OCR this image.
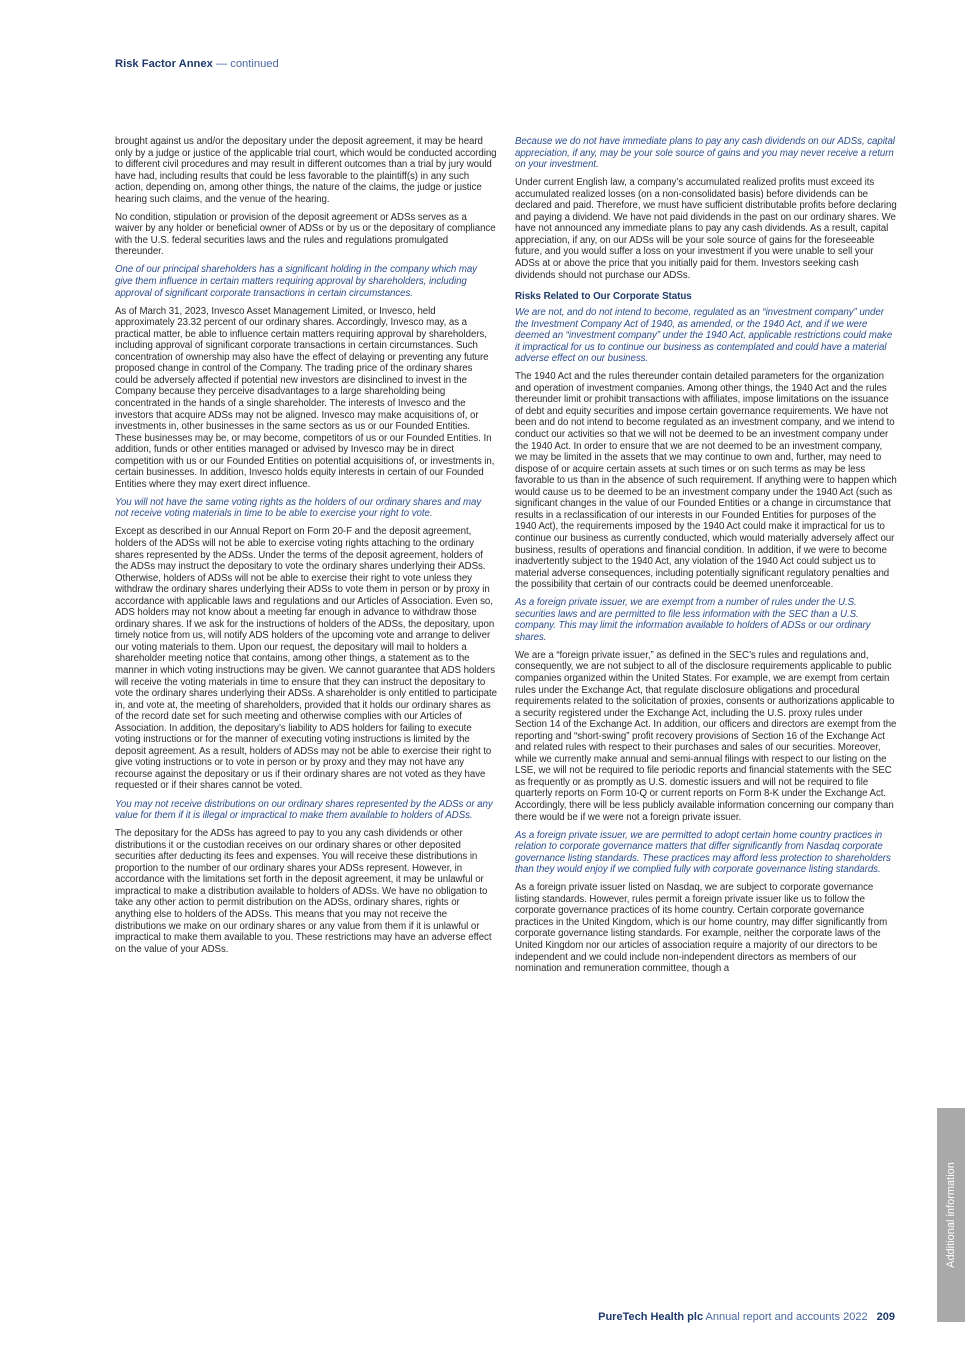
Risk Factor Annex — continued

brought against us and/or the depositary under the deposit agreement, it may be heard only by a judge or justice of the applicable trial court, which would be conducted according to different civil procedures and may result in different outcomes than a trial by jury would have had, including results that could be less favorable to the plaintiff(s) in any such action, depending on, among other things, the nature of the claims, the judge or justice hearing such claims, and the venue of the hearing.

No condition, stipulation or provision of the deposit agreement or ADSs serves as a waiver by any holder or beneficial owner of ADSs or by us or the depositary of compliance with the U.S. federal securities laws and the rules and regulations promulgated thereunder.

One of our principal shareholders has a significant holding in the company which may give them influence in certain matters requiring approval by shareholders, including approval of significant corporate transactions in certain circumstances.

As of March 31, 2023, Invesco Asset Management Limited, or Invesco, held approximately 23.32 percent of our ordinary shares. Accordingly, Invesco may, as a practical matter, be able to influence certain matters requiring approval by shareholders, including approval of significant corporate transactions in certain circumstances. Such concentration of ownership may also have the effect of delaying or preventing any future proposed change in control of the Company. The trading price of the ordinary shares could be adversely affected if potential new investors are disinclined to invest in the Company because they perceive disadvantages to a large shareholding being concentrated in the hands of a single shareholder. The interests of Invesco and the investors that acquire ADSs may not be aligned. Invesco may make acquisitions of, or investments in, other businesses in the same sectors as us or our Founded Entities. These businesses may be, or may become, competitors of us or our Founded Entities. In addition, funds or other entities managed or advised by Invesco may be in direct competition with us or our Founded Entities on potential acquisitions of, or investments in, certain businesses. In addition, Invesco holds equity interests in certain of our Founded Entities where they may exert direct influence.

You will not have the same voting rights as the holders of our ordinary shares and may not receive voting materials in time to be able to exercise your right to vote.

Except as described in our Annual Report on Form 20-F and the deposit agreement, holders of the ADSs will not be able to exercise voting rights attaching to the ordinary shares represented by the ADSs. Under the terms of the deposit agreement, holders of the ADSs may instruct the depositary to vote the ordinary shares underlying their ADSs. Otherwise, holders of ADSs will not be able to exercise their right to vote unless they withdraw the ordinary shares underlying their ADSs to vote them in person or by proxy in accordance with applicable laws and regulations and our Articles of Association. Even so, ADS holders may not know about a meeting far enough in advance to withdraw those ordinary shares. If we ask for the instructions of holders of the ADSs, the depositary, upon timely notice from us, will notify ADS holders of the upcoming vote and arrange to deliver our voting materials to them. Upon our request, the depositary will mail to holders a shareholder meeting notice that contains, among other things, a statement as to the manner in which voting instructions may be given. We cannot guarantee that ADS holders will receive the voting materials in time to ensure that they can instruct the depositary to vote the ordinary shares underlying their ADSs. A shareholder is only entitled to participate in, and vote at, the meeting of shareholders, provided that it holds our ordinary shares as of the record date set for such meeting and otherwise complies with our Articles of Association. In addition, the depositary’s liability to ADS holders for failing to execute voting instructions or for the manner of executing voting instructions is limited by the deposit agreement. As a result, holders of ADSs may not be able to exercise their right to give voting instructions or to vote in person or by proxy and they may not have any recourse against the depositary or us if their ordinary shares are not voted as they have requested or if their shares cannot be voted.

You may not receive distributions on our ordinary shares represented by the ADSs or any value for them if it is illegal or impractical to make them available to holders of ADSs.

The depositary for the ADSs has agreed to pay to you any cash dividends or other distributions it or the custodian receives on our ordinary shares or other deposited securities after deducting its fees and expenses. You will receive these distributions in proportion to the number of our ordinary shares your ADSs represent. However, in accordance with the limitations set forth in the deposit agreement, it may be unlawful or impractical to make a distribution available to holders of ADSs. We have no obligation to take any other action to permit distribution on the ADSs, ordinary shares, rights or anything else to holders of the ADSs. This means that you may not receive the distributions we make on our ordinary shares or any value from them if it is unlawful or impractical to make them available to you. These restrictions may have an adverse effect on the value of your ADSs.

Because we do not have immediate plans to pay any cash dividends on our ADSs, capital appreciation, if any, may be your sole source of gains and you may never receive a return on your investment.

Under current English law, a company’s accumulated realized profits must exceed its accumulated realized losses (on a non-consolidated basis) before dividends can be declared and paid. Therefore, we must have sufficient distributable profits before declaring and paying a dividend. We have not paid dividends in the past on our ordinary shares. We have not announced any immediate plans to pay any cash dividends. As a result, capital appreciation, if any, on our ADSs will be your sole source of gains for the foreseeable future, and you would suffer a loss on your investment if you were unable to sell your ADSs at or above the price that you initially paid for them. Investors seeking cash dividends should not purchase our ADSs.

Risks Related to Our Corporate Status

We are not, and do not intend to become, regulated as an “investment company” under the Investment Company Act of 1940, as amended, or the 1940 Act, and if we were deemed an “investment company” under the 1940 Act, applicable restrictions could make it impractical for us to continue our business as contemplated and could have a material adverse effect on our business.

The 1940 Act and the rules thereunder contain detailed parameters for the organization and operation of investment companies. Among other things, the 1940 Act and the rules thereunder limit or prohibit transactions with affiliates, impose limitations on the issuance of debt and equity securities and impose certain governance requirements. We have not been and do not intend to become regulated as an investment company, and we intend to conduct our activities so that we will not be deemed to be an investment company under the 1940 Act. In order to ensure that we are not deemed to be an investment company, we may be limited in the assets that we may continue to own and, further, may need to dispose of or acquire certain assets at such times or on such terms as may be less favorable to us than in the absence of such requirement. If anything were to happen which would cause us to be deemed to be an investment company under the 1940 Act (such as significant changes in the value of our Founded Entities or a change in circumstance that results in a reclassification of our interests in our Founded Entities for purposes of the 1940 Act), the requirements imposed by the 1940 Act could make it impractical for us to continue our business as currently conducted, which would materially adversely affect our business, results of operations and financial condition. In addition, if we were to become inadvertently subject to the 1940 Act, any violation of the 1940 Act could subject us to material adverse consequences, including potentially significant regulatory penalties and the possibility that certain of our contracts could be deemed unenforceable.

As a foreign private issuer, we are exempt from a number of rules under the U.S. securities laws and are permitted to file less information with the SEC than a U.S. company. This may limit the information available to holders of ADSs or our ordinary shares.

We are a “foreign private issuer,” as defined in the SEC’s rules and regulations and, consequently, we are not subject to all of the disclosure requirements applicable to public companies organized within the United States. For example, we are exempt from certain rules under the Exchange Act, that regulate disclosure obligations and procedural requirements related to the solicitation of proxies, consents or authorizations applicable to a security registered under the Exchange Act, including the U.S. proxy rules under Section 14 of the Exchange Act. In addition, our officers and directors are exempt from the reporting and “short-swing” profit recovery provisions of Section 16 of the Exchange Act and related rules with respect to their purchases and sales of our securities. Moreover, while we currently make annual and semi-annual filings with respect to our listing on the LSE, we will not be required to file periodic reports and financial statements with the SEC as frequently or as promptly as U.S. domestic issuers and will not be required to file quarterly reports on Form 10-Q or current reports on Form 8-K under the Exchange Act. Accordingly, there will be less publicly available information concerning our company than there would be if we were not a foreign private issuer.

As a foreign private issuer, we are permitted to adopt certain home country practices in relation to corporate governance matters that differ significantly from Nasdaq corporate governance listing standards. These practices may afford less protection to shareholders than they would enjoy if we complied fully with corporate governance listing standards.

As a foreign private issuer listed on Nasdaq, we are subject to corporate governance listing standards. However, rules permit a foreign private issuer like us to follow the corporate governance practices of its home country. Certain corporate governance practices in the United Kingdom, which is our home country, may differ significantly from corporate governance listing standards. For example, neither the corporate laws of the United Kingdom nor our articles of association require a majority of our directors to be independent and we could include non-independent directors as members of our nomination and remuneration committee, though a

Additional information
PureTech Health plc Annual report and accounts 2022 209
